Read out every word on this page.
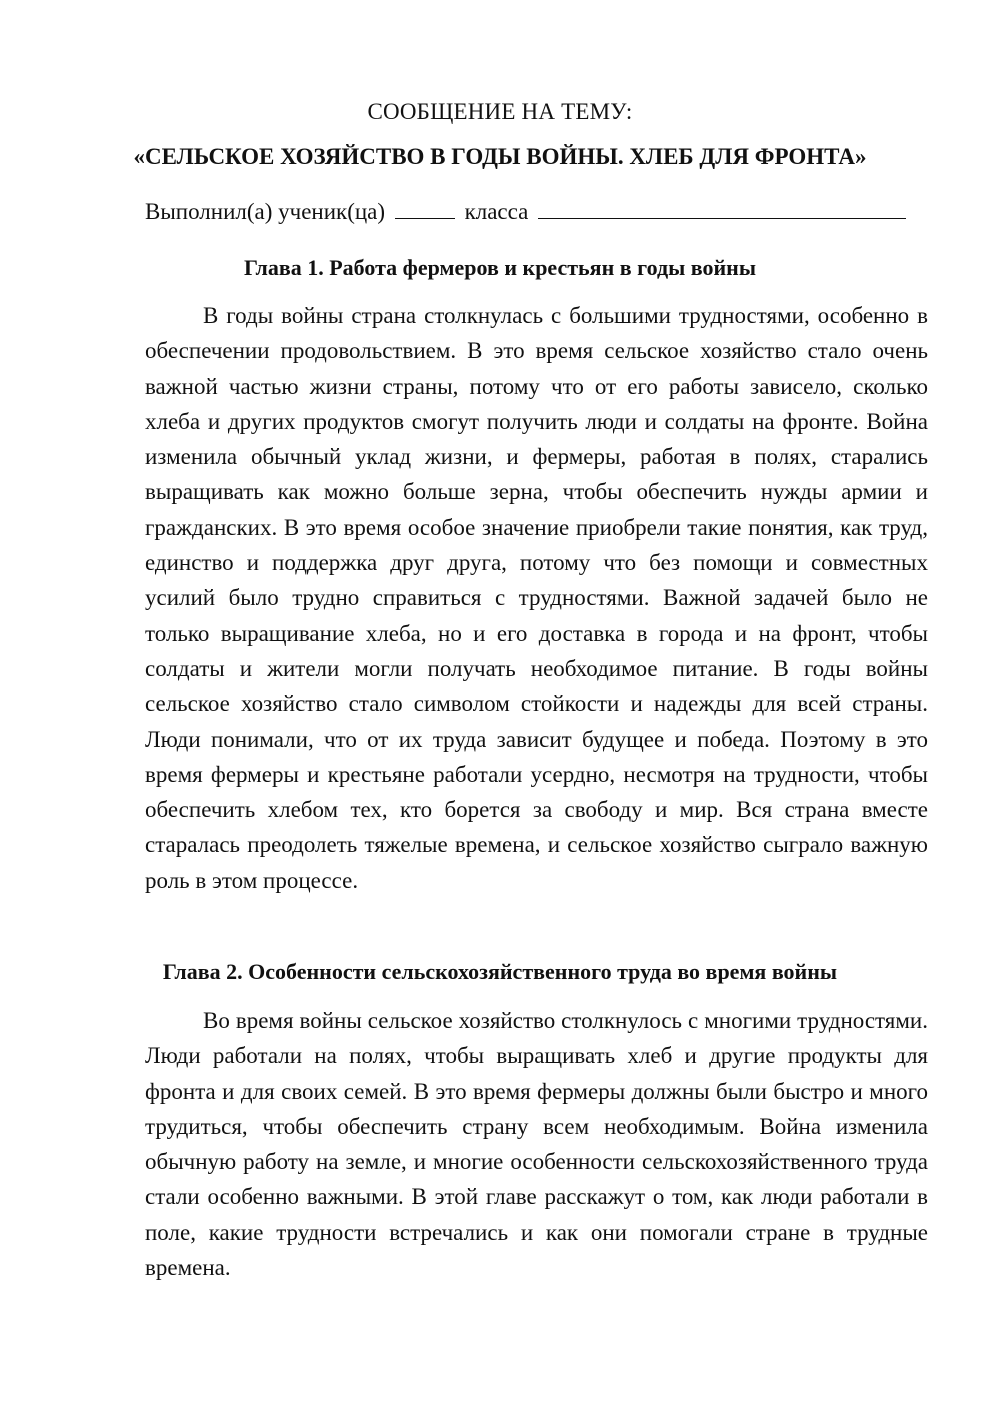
СООБЩЕНИЕ НА ТЕМУ:
«СЕЛЬСКОЕ ХОЗЯЙСТВО В ГОДЫ ВОЙНЫ. ХЛЕБ ДЛЯ ФРОНТА»
Выполнил(а) ученик(ца)	класса
Глава 1. Работа фермеров и крестьян в годы войны
В годы войны страна столкнулась с большими трудностями, особенно в обеспечении продовольствием. В это время сельское хозяйство стало очень важной частью жизни страны, потому что от его работы зависело, сколько хлеба и других продуктов смогут получить люди и солдаты на фронте. Война изменила обычный уклад жизни, и фермеры, работая в полях, старались выращивать как можно больше зерна, чтобы обеспечить нужды армии и гражданских. В это время особое значение приобрели такие понятия, как труд, единство и поддержка друг друга, потому что без помощи и совместных усилий было трудно справиться с трудностями. Важной задачей было не только выращивание хлеба, но и его доставка в города и на фронт, чтобы солдаты и жители могли получать необходимое питание. В годы войны сельское хозяйство стало символом стойкости и надежды для всей страны. Люди понимали, что от их труда зависит будущее и победа. Поэтому в это время фермеры и крестьяне работали усердно, несмотря на трудности, чтобы обеспечить хлебом тех, кто борется за свободу и мир. Вся страна вместе старалась преодолеть тяжелые времена, и сельское хозяйство сыграло важную роль в этом процессе.
Глава 2. Особенности сельскохозяйственного труда во время войны
Во время войны сельское хозяйство столкнулось с многими трудностями. Люди работали на полях, чтобы выращивать хлеб и другие продукты для фронта и для своих семей. В это время фермеры должны были быстро и много трудиться, чтобы обеспечить страну всем необходимым. Война изменила обычную работу на земле, и многие особенности сельскохозяйственного труда стали особенно важными. В этой главе расскажут о том, как люди работали в поле, какие трудности встречались и как они помогали стране в трудные времена.
